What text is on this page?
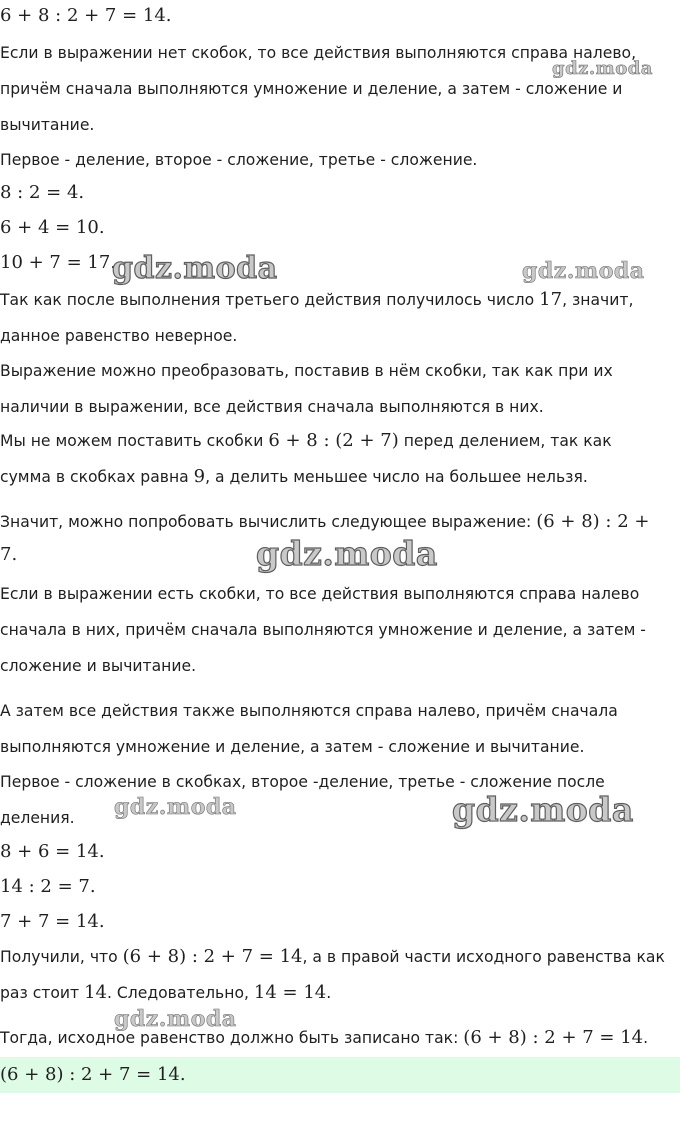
6 + 8 : 2 + 7 = 14.
Если в выражении нет скобок, то все действия выполняются справа налево,
причём сначала выполняются умножение и деление, а затем - сложение и
вычитание.
Первое - деление, второе - сложение, третье - сложение.
8 : 2 = 4.
6 + 4 = 10.
10 + 7 = 17.
Так как после выполнения третьего действия получилось число 17, значит,
данное равенство неверное.
Выражение можно преобразовать, поставив в нём скобки, так как при их
наличии в выражении, все действия сначала выполняются в них.
Мы не можем поставить скобки 6 + 8 : (2 + 7) перед делением, так как
сумма в скобках равна 9, а делить меньшее число на большее нельзя.
Значит, можно попробовать вычислить следующее выражение: (6 + 8) : 2 +
7.
Если в выражении есть скобки, то все действия выполняются справа налево
сначала в них, причём сначала выполняются умножение и деление, а затем -
сложение и вычитание.
А затем все действия также выполняются справа налево, причём сначала
выполняются умножение и деление, а затем - сложение и вычитание.
Первое - сложение в скобках, второе -деление, третье - сложение после
деления.
8 + 6 = 14.
14 : 2 = 7.
7 + 7 = 14.
Получили, что (6 + 8) : 2 + 7 = 14, а в правой части исходного равенства как
раз стоит 14. Следовательно, 14 = 14.
Тогда, исходное равенство должно быть записано так: (6 + 8) : 2 + 7 = 14.
(6 + 8) : 2 + 7 = 14.
gdz.moda
gdz.moda	gdz.moda
gdz.moda
gdz.moda	gdz.moda
gdz.moda
